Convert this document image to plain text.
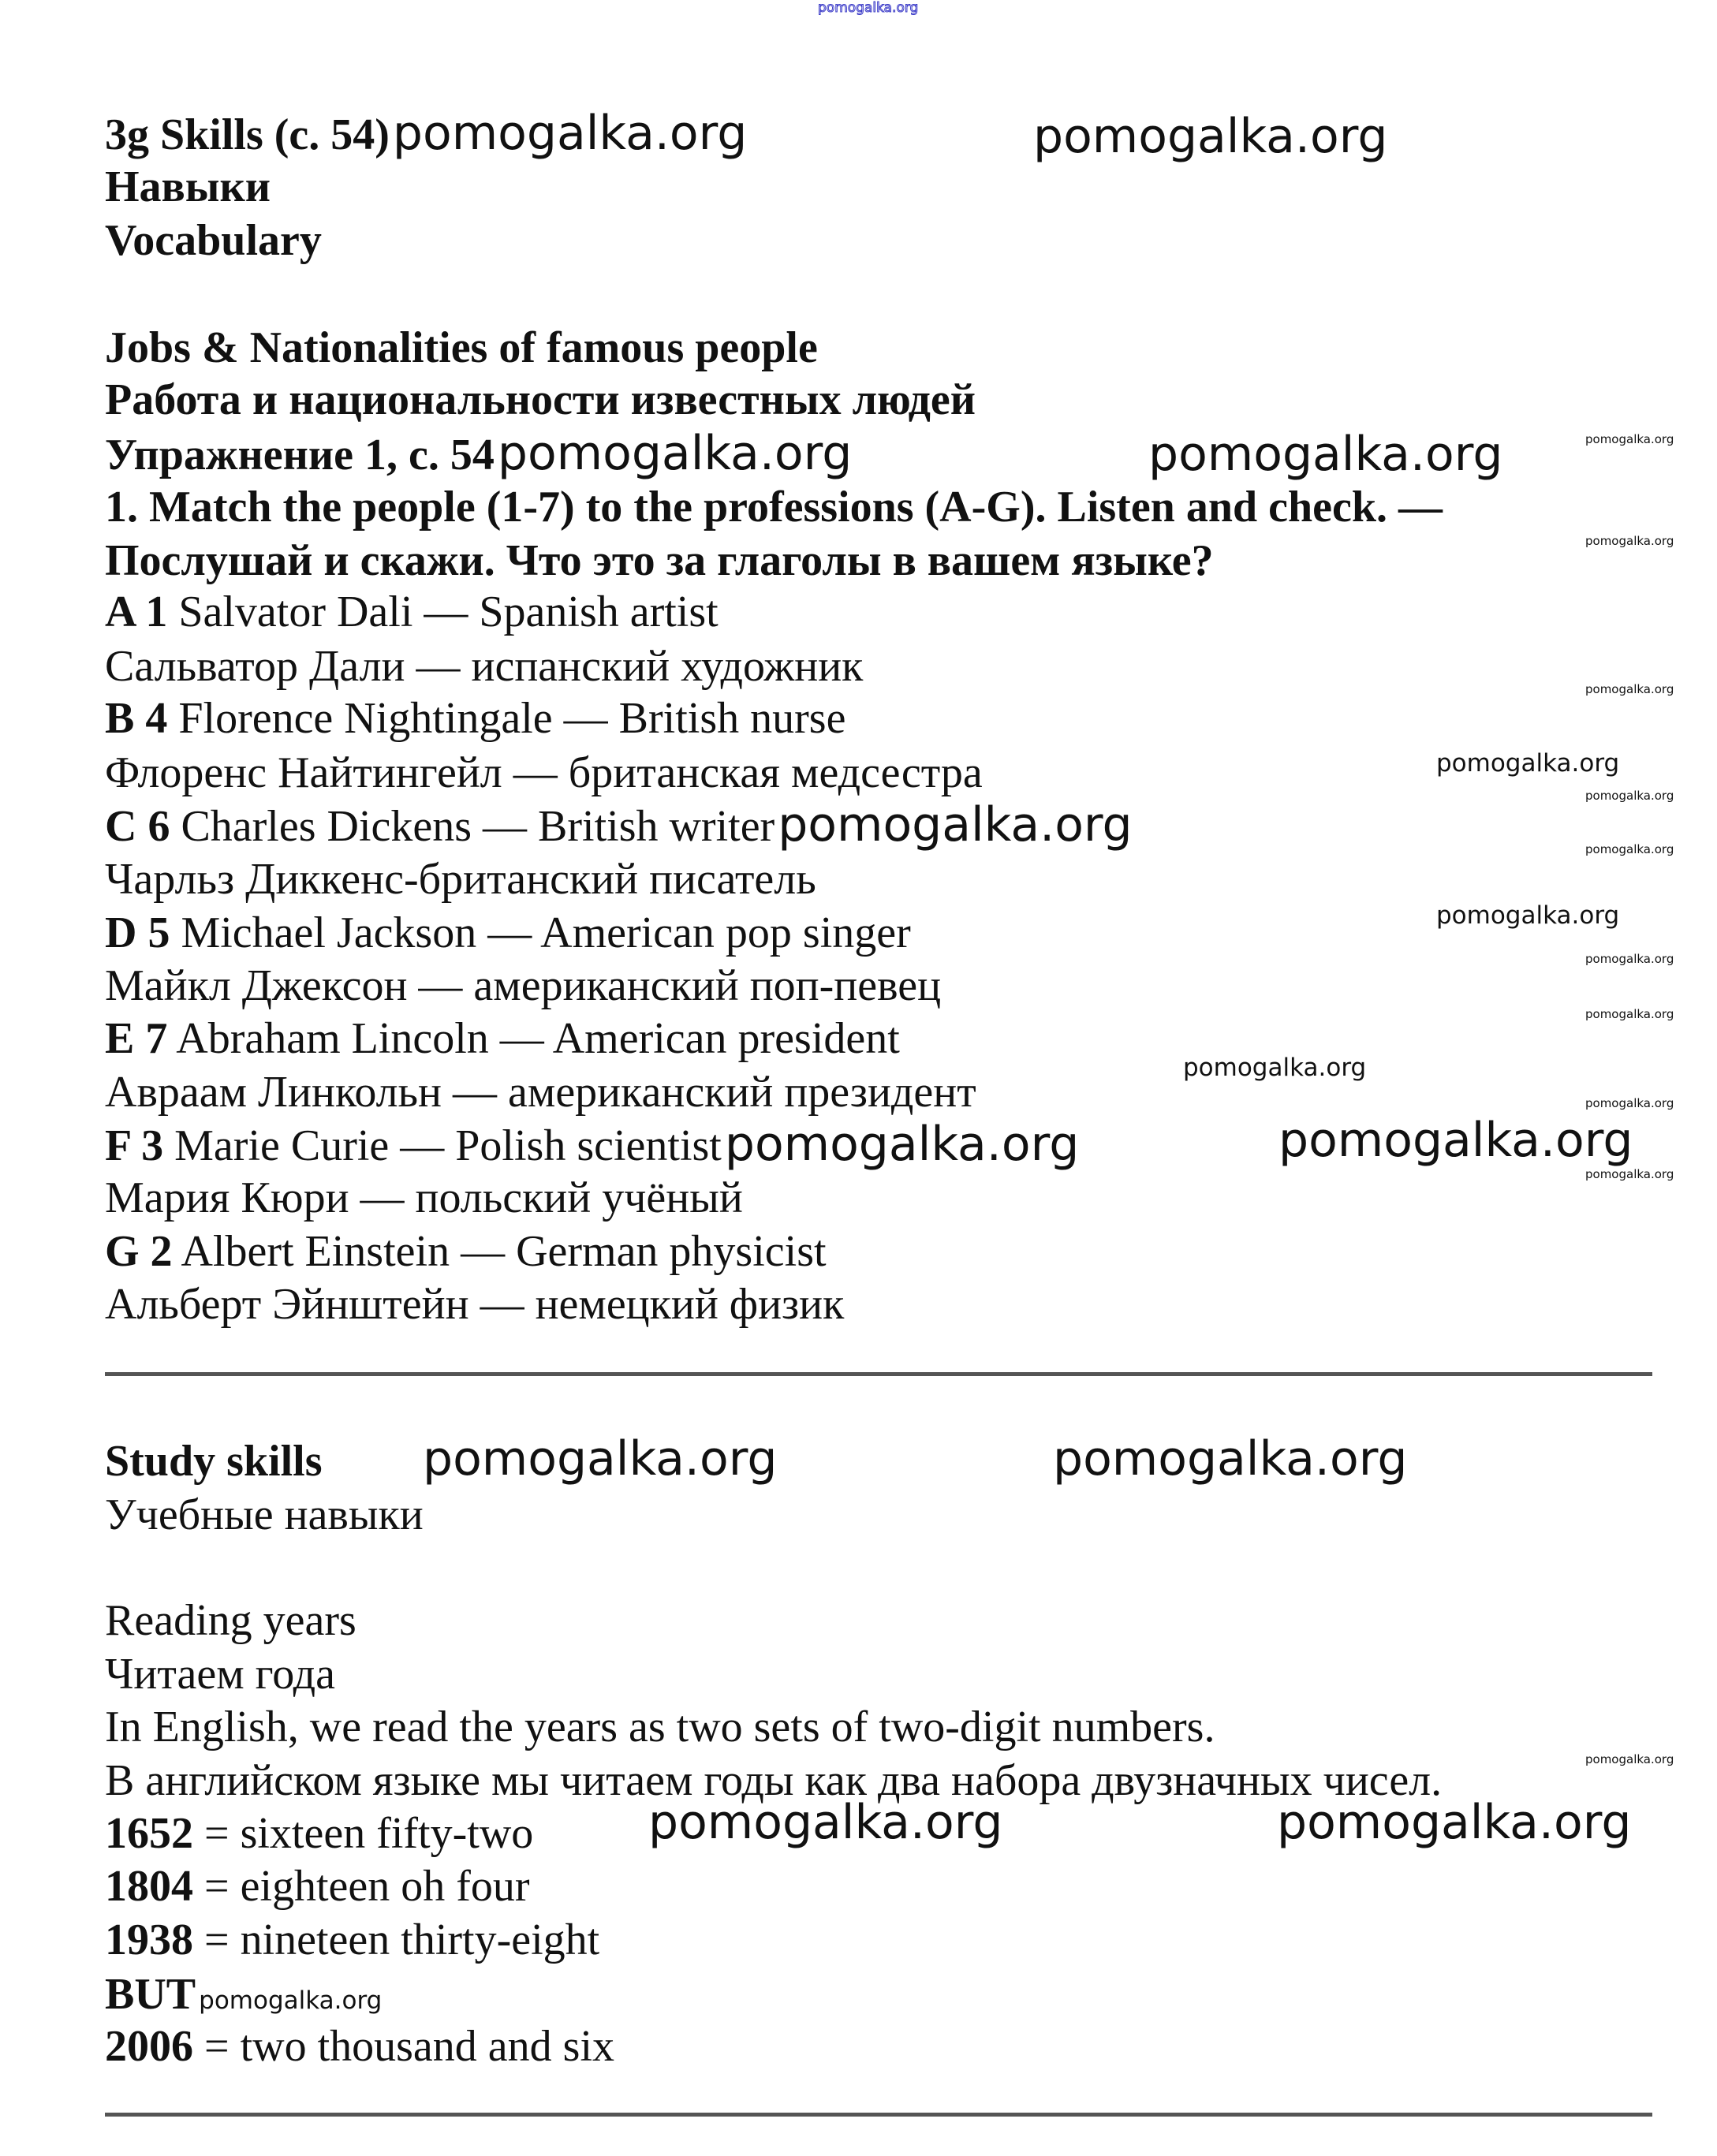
pomogalka.org
3g Skills (с. 54)pomogalka.org
Навыки
Vocabulary
Jobs & Nationalities of famous people
Работа и национальности известных людей
Упражнение 1, с. 54pomogalka.org
1. Match the people (1-7) to the professions (A-G). Listen and check. —
Послушай и скажи. Что это за глаголы в вашем языке?
A 1 Salvator Dali — Spanish artist
Сальватор Дали — испанский художник
B 4 Florence Nightingale — British nurse
Флоренс Найтингейл — британская медсестра
C 6 Charles Dickens — British writerpomogalka.org
Чарльз Диккенс-британский писатель
D 5 Michael Jackson — American pop singer
Майкл Джексон — американский поп-певец
E 7 Abraham Lincoln — American president
Авраам Линкольн — американский президент
F 3 Marie Curie — Polish scientistpomogalka.org
Мария Кюри — польский учёный
G 2 Albert Einstein — German physicist
Альберт Эйнштейн — немецкий физик
Study skills
Учебные навыки
Reading years
Читаем года
In English, we read the years as two sets of two-digit numbers.
В английском языке мы читаем годы как два набора двузначных чисел.
1652 = sixteen fifty-two
1804 = eighteen oh four
1938 = nineteen thirty-eight
BUT pomogalka.org
2006 = two thousand and six
pomogalka.org
pomogalka.org
pomogalka.org	pomogalka.org
pomogalka.org	pomogalka.org
pomogalka.org
pomogalka.org
pomogalka.org
pomogalka.org
pomogalka.org
pomogalka.org
pomogalka.org
pomogalka.org
pomogalka.org
pomogalka.org
pomogalka.org
pomogalka.org
pomogalka.org
pomogalka.org
